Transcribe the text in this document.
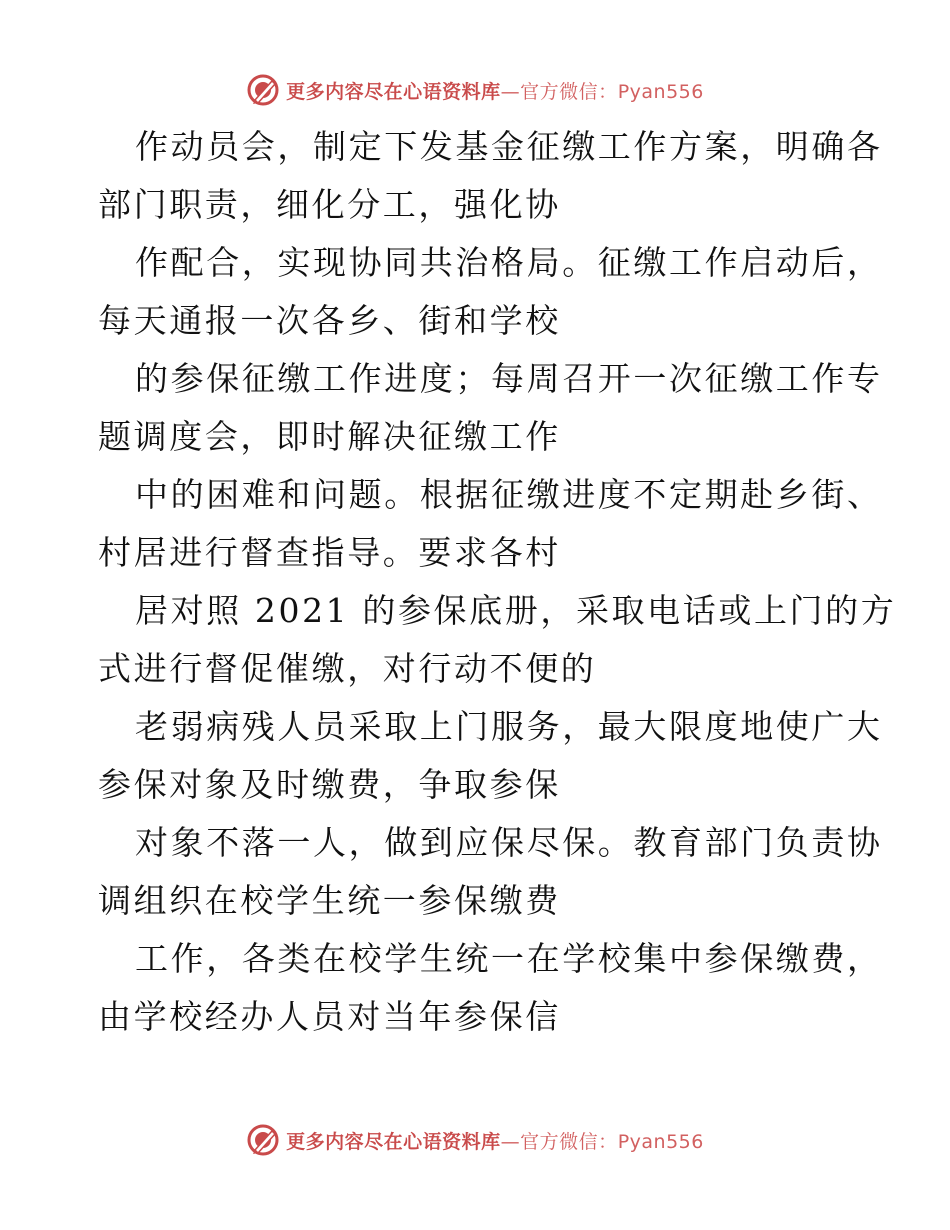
更多内容尽在心语资料库—官方微信：Pyan556

作动员会，制定下发基金征缴工作方案，明确各
部门职责，细化分工，强化协

作配合，实现协同共治格局。征缴工作启动后，
每天通报一次各乡、街和学校

的参保征缴工作进度；每周召开一次征缴工作专
题调度会，即时解决征缴工作

中的困难和问题。根据征缴进度不定期赴乡街、
村居进行督查指导。要求各村

居对照 2021 的参保底册，采取电话或上门的方
式进行督促催缴，对行动不便的

老弱病残人员采取上门服务，最大限度地使广大
参保对象及时缴费，争取参保

对象不落一人，做到应保尽保。教育部门负责协
调组织在校学生统一参保缴费

工作，各类在校学生统一在学校集中参保缴费，
由学校经办人员对当年参保信

更多内容尽在心语资料库—官方微信：Pyan556
